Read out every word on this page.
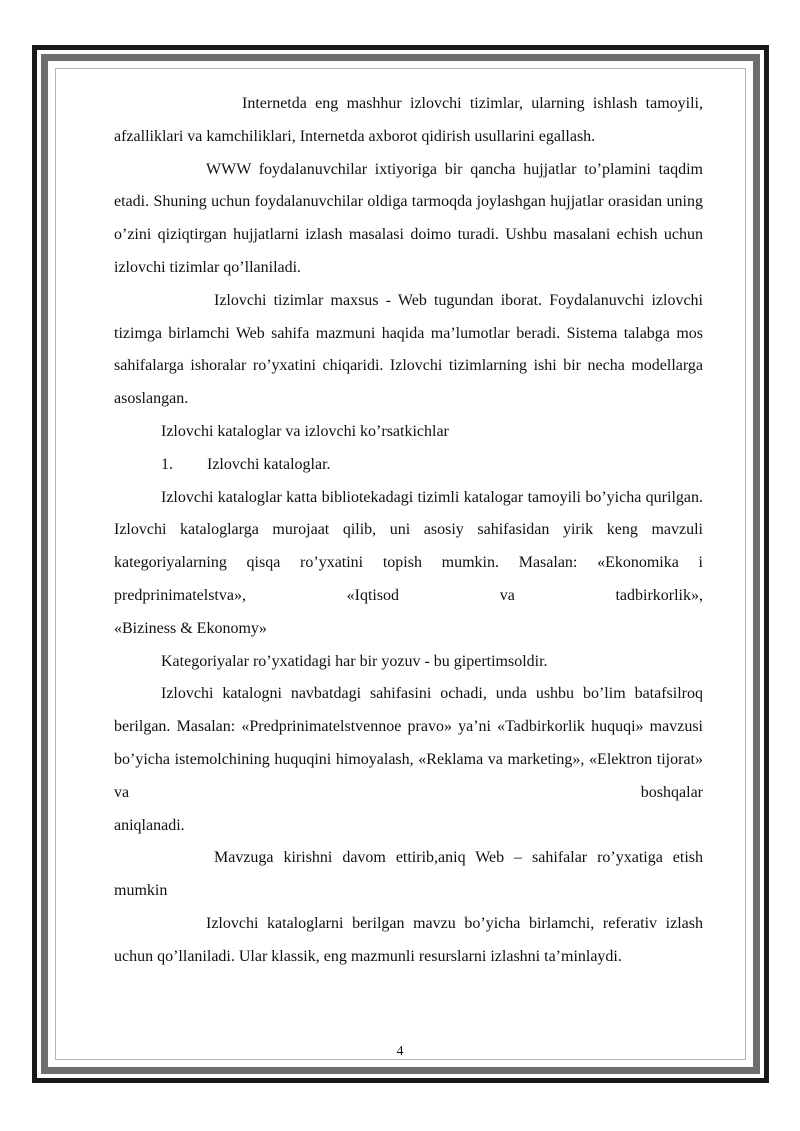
Internetda eng mashhur izlovchi tizimlar, ularning ishlash tamoyili, afzalliklari va kamchiliklari, Internetda axborot qidirish usullarini egallash.

WWW foydalanuvchilar ixtiyoriga bir qancha hujjatlar to’plamini taqdim etadi. Shuning uchun foydalanuvchilar oldiga tarmoqda joylashgan hujjatlar orasidan uning o’zini qiziqtirgan hujjatlarni izlash masalasi doimo turadi. Ushbu masalani echish uchun izlovchi tizimlar qo’llaniladi.

Izlovchi tizimlar maxsus - Web tugundan iborat. Foydalanuvchi izlovchi tizimga birlamchi Web sahifa mazmuni haqida ma’lumotlar beradi. Sistema talabga mos sahifalarga ishoralar ro’yxatini chiqaridi. Izlovchi tizimlarning ishi bir necha modellarga asoslangan.

Izlovchi kataloglar va izlovchi ko’rsatkichlar

1. Izlovchi kataloglar.

Izlovchi kataloglar katta bibliotekadagi tizimli katalogar tamoyili bo’yicha qurilgan. Izlovchi kataloglarga murojaat qilib, uni asosiy sahifasidan yirik keng mavzuli kategoriyalarning qisqa ro’yxatini topish mumkin. Masalan: «Ekonomika i predprinimatelstva», «Iqtisod va tadbirkorlik»,

«Biziness & Ekonomy»

Kategoriyalar ro’yxatidagi har bir yozuv - bu gipertimsoldir.

Izlovchi katalogni navbatdagi sahifasini ochadi, unda ushbu bo’lim batafsilroq berilgan. Masalan: «Predprinimatelstvennoe pravo» ya’ni «Tadbirkorlik huquqi» mavzusi bo’yicha istemolchining huquqini himoyalash, «Reklama va marketing», «Elektron tijorat» va boshqalar

aniqlanadi.

Mavzuga kirishni davom ettirib,aniq Web – sahifalar ro’yxatiga etish mumkin

Izlovchi kataloglarni berilgan mavzu bo’yicha birlamchi, referativ izlash uchun qo’llaniladi. Ular klassik, eng mazmunli resurslarni izlashni ta’minlaydi.

4
